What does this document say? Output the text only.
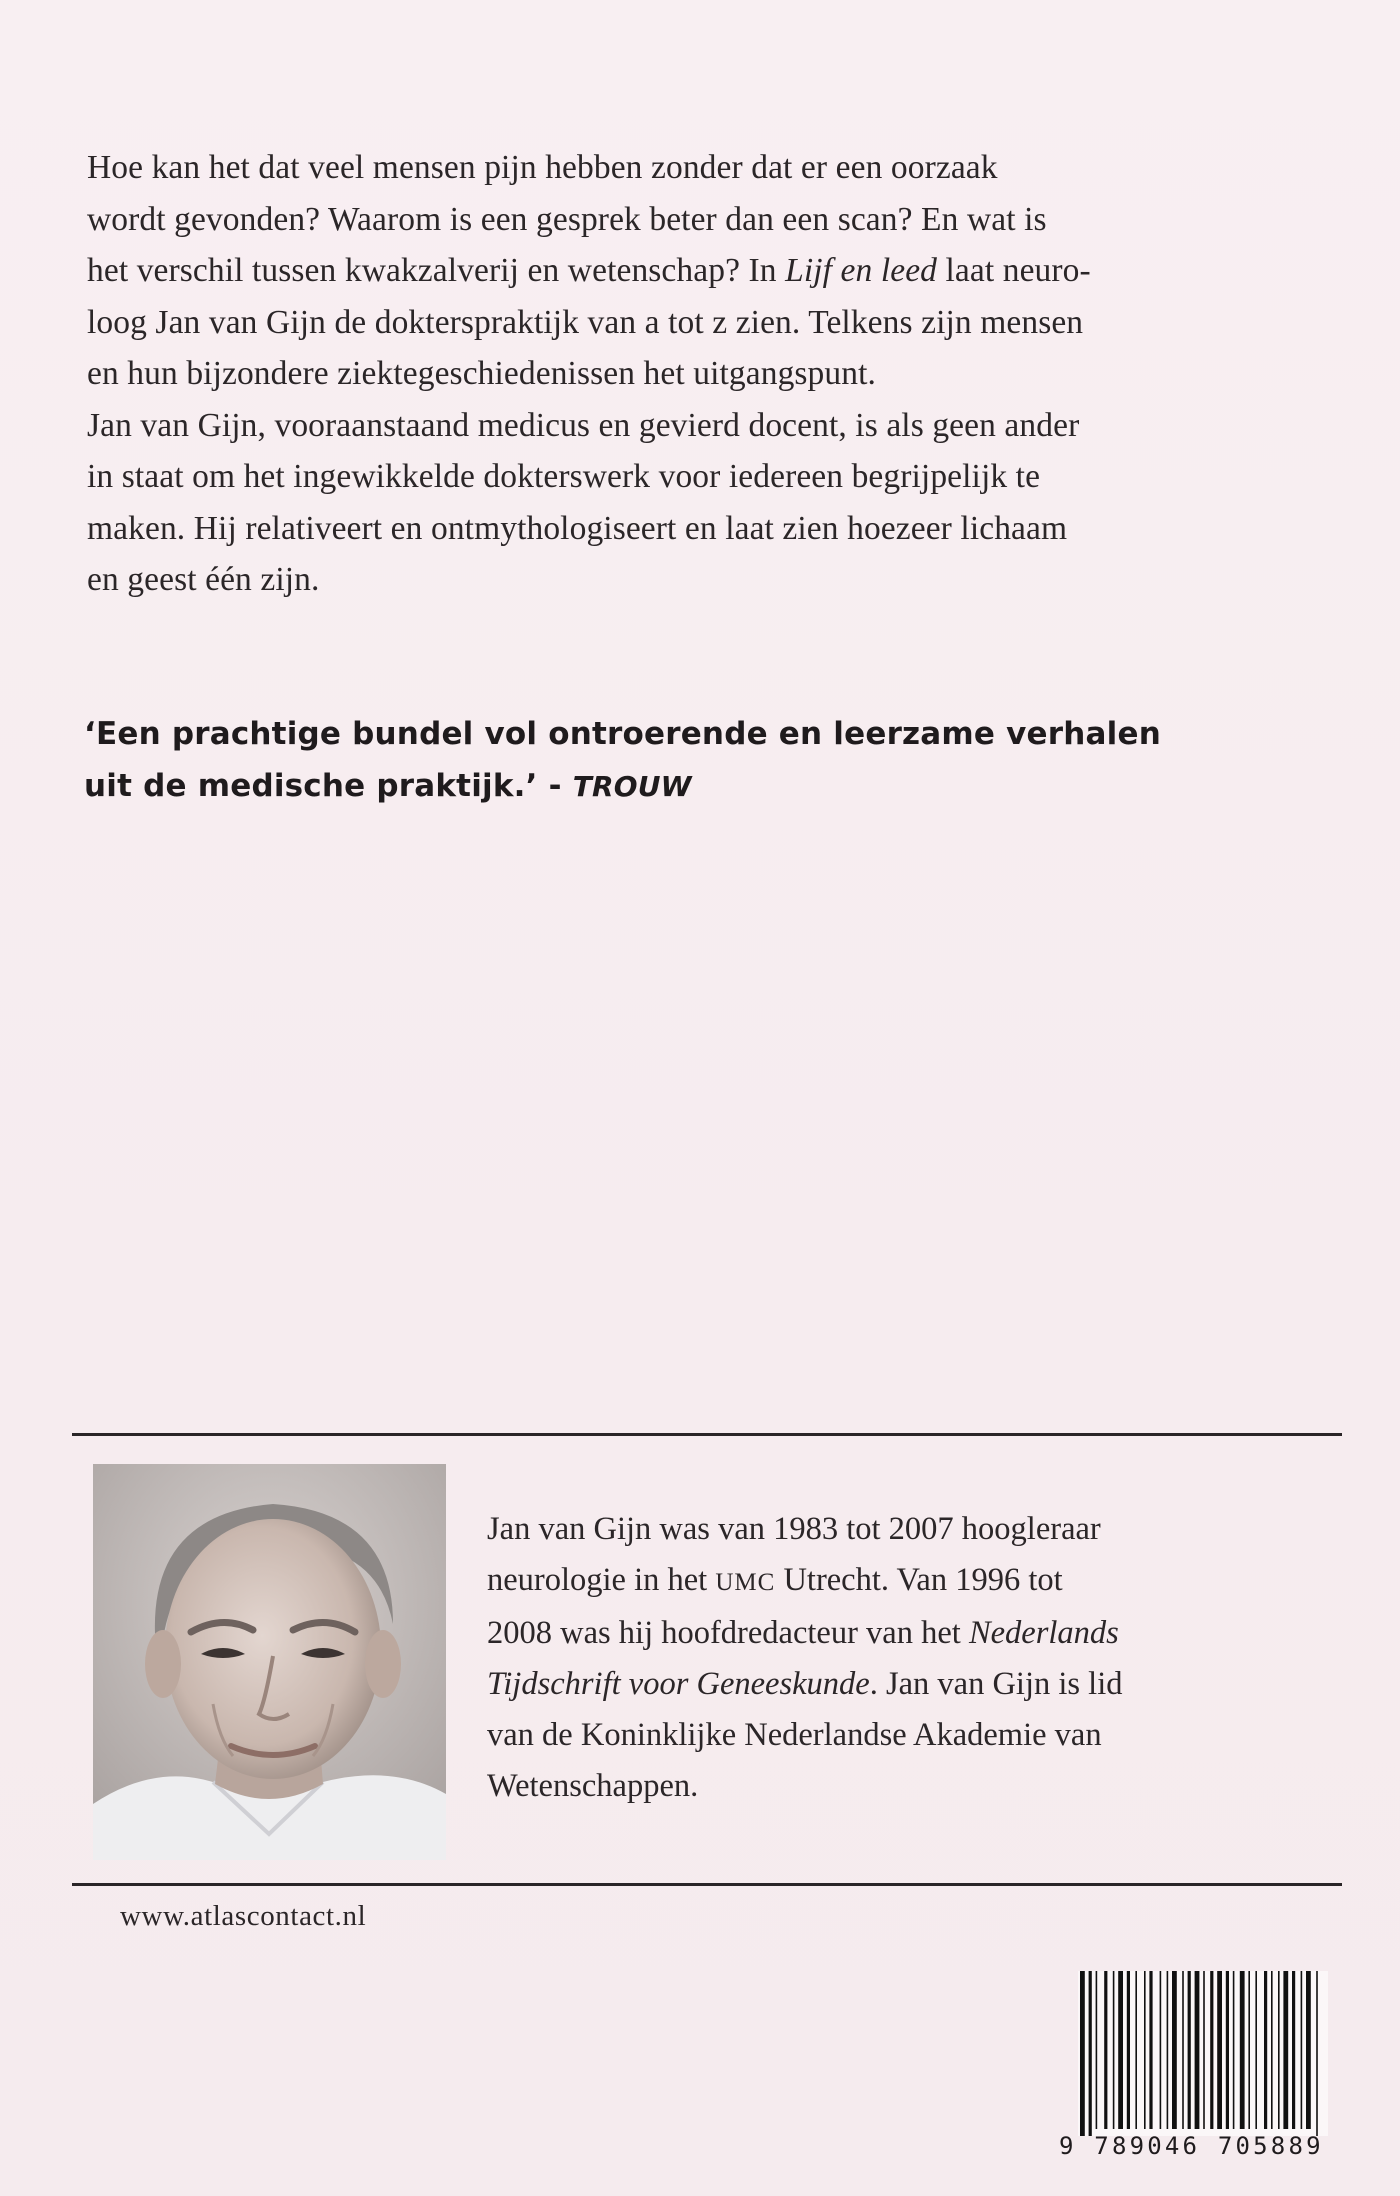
Hoe kan het dat veel mensen pijn hebben zonder dat er een oorzaak
wordt gevonden? Waarom is een gesprek beter dan een scan? En wat is
het verschil tussen kwakzalverij en wetenschap? In Lijf en leed laat neuro-
loog Jan van Gijn de dokterspraktijk van a tot z zien. Telkens zijn mensen
en hun bijzondere ziektegeschiedenissen het uitgangspunt.
Jan van Gijn, vooraanstaand medicus en gevierd docent, is als geen ander
in staat om het ingewikkelde dokterswerk voor iedereen begrijpelijk te
maken. Hij relativeert en ontmythologiseert en laat zien hoezeer lichaam
en geest één zijn.
‘Een prachtige bundel vol ontroerende en leerzame verhalen
uit de medische praktijk.’ - TROUW
Jan van Gijn was van 1983 tot 2007 hoogleraar
neurologie in het UMC Utrecht. Van 1996 tot
2008 was hij hoofdredacteur van het Nederlands
Tijdschrift voor Geneeskunde. Jan van Gijn is lid
van de Koninklijke Nederlandse Akademie van
Wetenschappen.
www.atlascontact.nl
9 789046 705889
